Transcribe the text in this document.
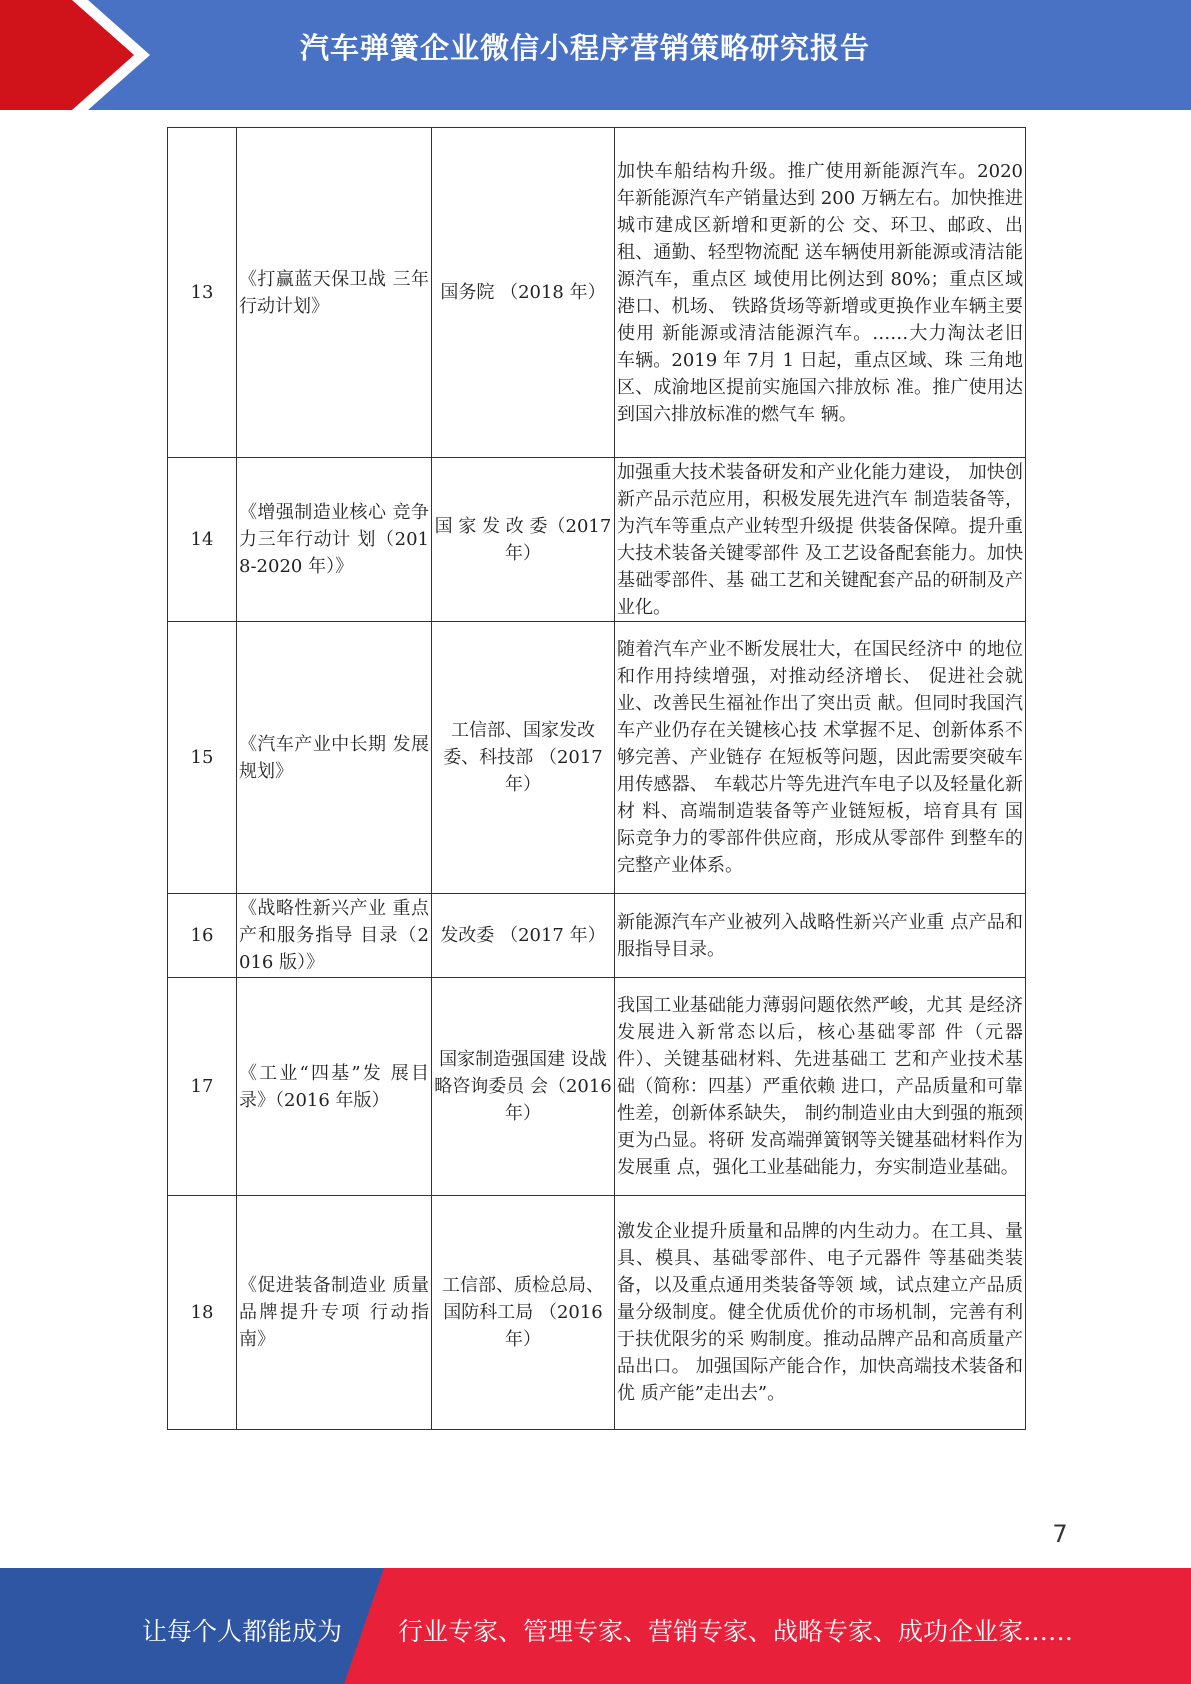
汽车弹簧企业微信小程序营销策略研究报告
13	《打赢蓝天保卫战 三年行动计划》	国务院 （2018 年）	加快车船结构升级。推广使用新能源汽车。2020 年新能源汽车产销量达到 200 万辆左右。加快推进城市建成区新增和更新的公 交、环卫、邮政、出租、通勤、轻型物流配 送车辆使用新能源或清洁能源汽车，重点区 域使用比例达到 80%；重点区域港口、机场、 铁路货场等新增或更换作业车辆主要使用 新能源或清洁能源汽车。……大力淘汰老旧 车辆。2019 年 7月 1 日起，重点区域、珠 三角地区、成渝地区提前实施国六排放标 准。推广使用达到国六排放标准的燃气车 辆。
14	《增强制造业核心 竞争力三年行动计 划（2018-2020 年）》	国 家 发 改 委（2017 年）	加强重大技术装备研发和产业化能力建设， 加快创新产品示范应用，积极发展先进汽车 制造装备等，为汽车等重点产业转型升级提 供装备保障。提升重大技术装备关键零部件 及工艺设备配套能力。加快基础零部件、基 础工艺和关键配套产品的研制及产业化。
15	《汽车产业中长期 发展规划》	工信部、国家发改委、科技部 （2017 年）	随着汽车产业不断发展壮大，在国民经济中 的地位和作用持续增强，对推动经济增长、 促进社会就业、改善民生福祉作出了突出贡 献。但同时我国汽车产业仍存在关键核心技 术掌握不足、创新体系不够完善、产业链存 在短板等问题，因此需要突破车用传感器、 车载芯片等先进汽车电子以及轻量化新材 料、高端制造装备等产业链短板，培育具有 国际竞争力的零部件供应商，形成从零部件 到整车的完整产业体系。
16	《战略性新兴产业 重点产和服务指导 目录（2016 版）》	发改委 （2017 年）	新能源汽车产业被列入战略性新兴产业重 点产品和服指导目录。
17	《工业“四基”发 展目录》（2016 年版）	国家制造强国建 设战略咨询委员 会（2016 年）	我国工业基础能力薄弱问题依然严峻，尤其 是经济发展进入新常态以后，核心基础零部 件（元器件）、关键基础材料、先进基础工 艺和产业技术基础（简称：四基）严重依赖 进口，产品质量和可靠性差，创新体系缺失， 制约制造业由大到强的瓶颈更为凸显。将研 发高端弹簧钢等关键基础材料作为发展重 点，强化工业基础能力，夯实制造业基础。
18	《促进装备制造业 质量品牌提升专项 行动指南》	工信部、质检总局、国防科工局 （2016 年）	激发企业提升质量和品牌的内生动力。在工具、量具、模具、基础零部件、电子元器件 等基础类装备，以及重点通用类装备等领 域，试点建立产品质量分级制度。健全优质优价的市场机制，完善有利于扶优限劣的采 购制度。推动品牌产品和高质量产品出口。 加强国际产能合作，加快高端技术装备和优 质产能”走出去”。
7
让每个人都能成为 行业专家、管理专家、营销专家、战略专家、成功企业家……
